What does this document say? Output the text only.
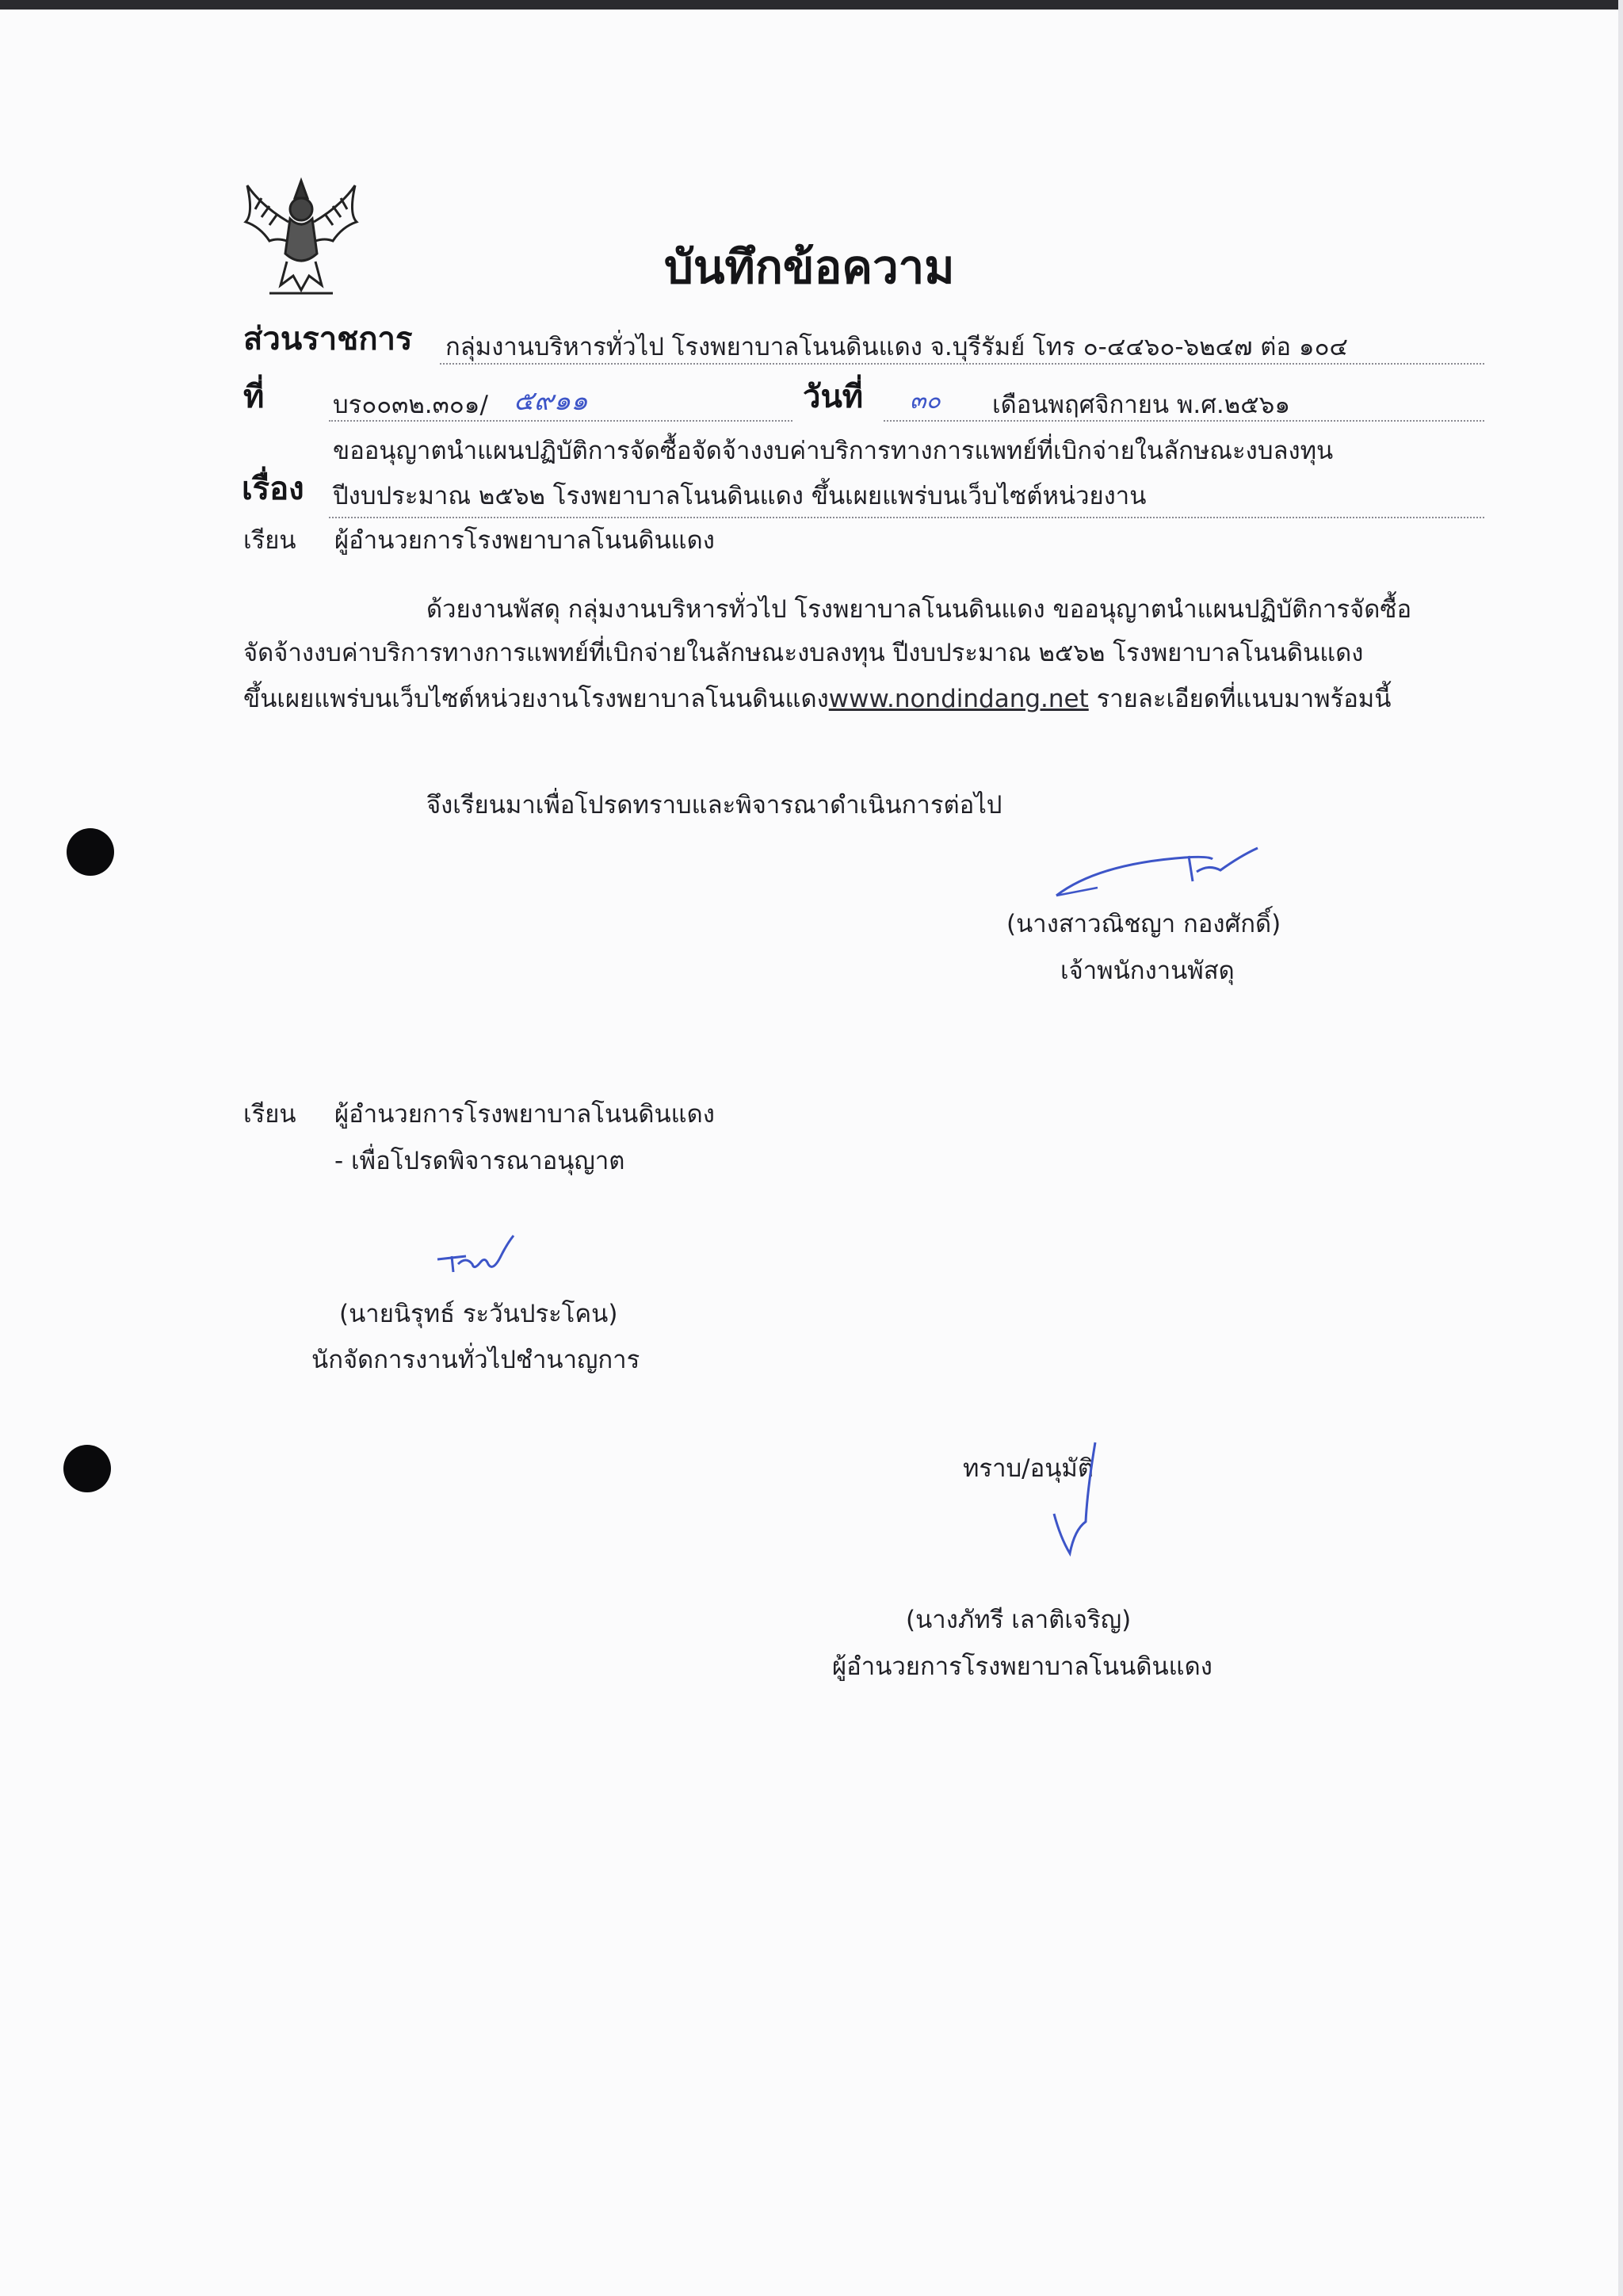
บันทึกข้อความ
ส่วนราชการ กลุ่มงานบริหารทั่วไป โรงพยาบาลโนนดินแดง จ.บุรีรัมย์ โทร ๐-๔๔๖๐-๖๒๔๗ ต่อ ๑๐๔
ที่	บร๐๐๓๒.๓๐๑/ ๕๙๑๑	วันที่ ๓๐ เดือนพฤศจิกายน พ.ศ.๒๕๖๑
ขออนุญาตนำแผนปฏิบัติการจัดซื้อจัดจ้างงบค่าบริการทางการแพทย์ที่เบิกจ่ายในลักษณะงบลงทุน
เรื่อง ปีงบประมาณ ๒๕๖๒ โรงพยาบาลโนนดินแดง ขึ้นเผยแพร่บนเว็บไซต์หน่วยงาน
เรียน ผู้อำนวยการโรงพยาบาลโนนดินแดง
ด้วยงานพัสดุ กลุ่มงานบริหารทั่วไป โรงพยาบาลโนนดินแดง ขออนุญาตนำแผนปฏิบัติการจัดซื้อ
จัดจ้างงบค่าบริการทางการแพทย์ที่เบิกจ่ายในลักษณะงบลงทุน ปีงบประมาณ ๒๕๖๒ โรงพยาบาลโนนดินแดง
ขึ้นเผยแพร่บนเว็บไซต์หน่วยงานโรงพยาบาลโนนดินแดงwww.nondindang.net รายละเอียดที่แนบมาพร้อมนี้
จึงเรียนมาเพื่อโปรดทราบและพิจารณาดำเนินการต่อไป
(นางสาวณิชญา กองศักดิ์)
เจ้าพนักงานพัสดุ
เรียน ผู้อำนวยการโรงพยาบาลโนนดินแดง
- เพื่อโปรดพิจารณาอนุญาต
(นายนิรุทธ์ ระวันประโคน)
นักจัดการงานทั่วไปชำนาญการ
ทราบ/อนุมัติ
(นางภัทรี เลาติเจริญ)
ผู้อำนวยการโรงพยาบาลโนนดินแดง
